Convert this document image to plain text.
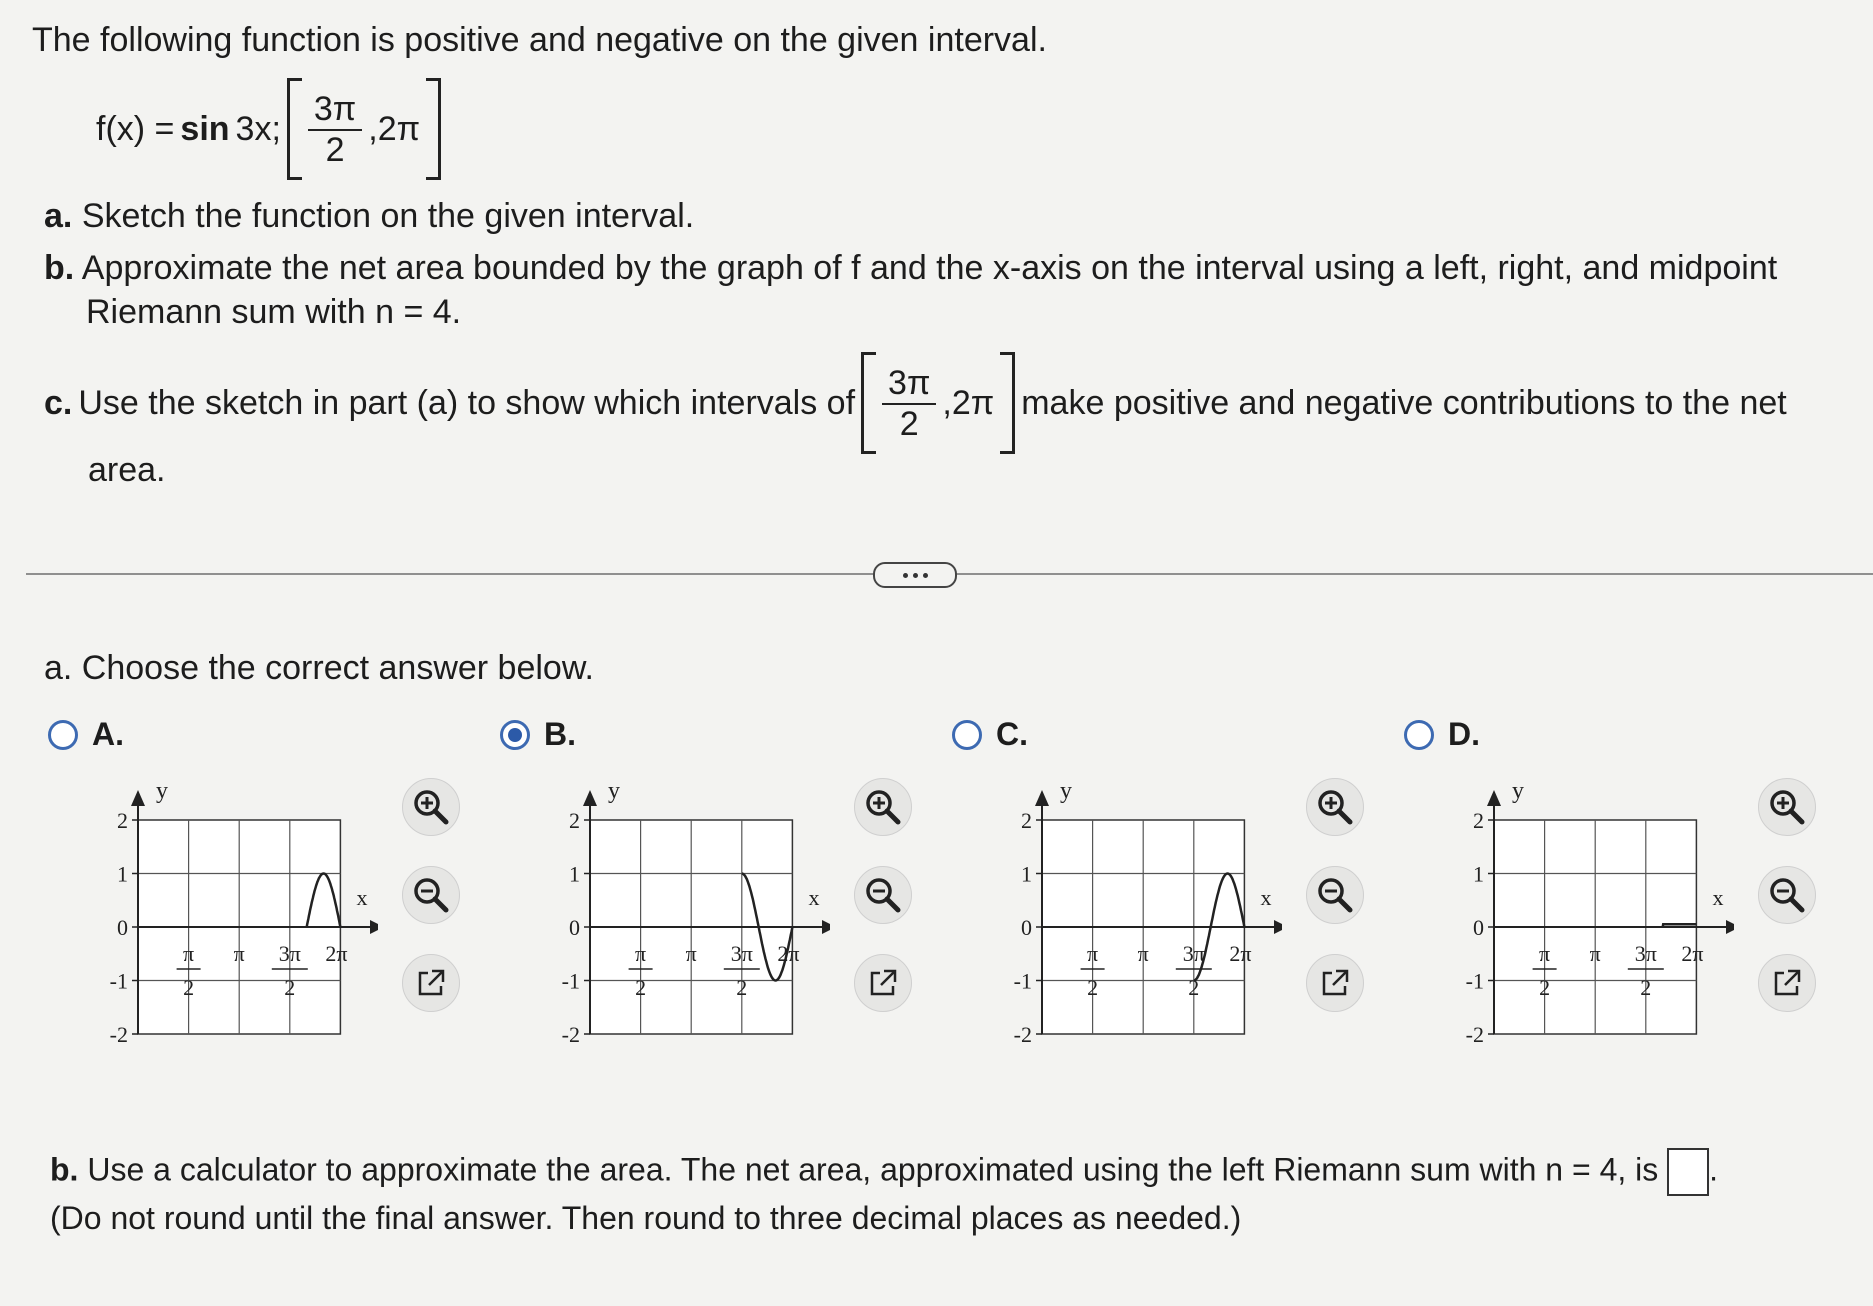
The following function is positive and negative on the given interval.
f(x) = sin 3x; $\frac{3\pi}{2} ,2\pi$
a. Sketch the function on the given interval.
b. Approximate the net area bounded by the graph of f and the x-axis on the interval using a left, right, and midpoint
Riemann sum with n = 4.
c. Use the sketch in part (a) to show which intervals of $\frac{3\pi}{2} ,2\pi$ make positive and negative contributions to the net
area.
a. Choose the correct answer below.
A.
y
x
2
1
0
-1
-2
π
2
π 3π
2
2π
B.
y
x
2
1
0
-1
-2
π
2
π 3π
2
2π
C.
y
x
2
1
0
-1
-2
π
2
π 3π
2
2π
D.
y
x
2
1
0
-1
-2
π
2
π 3π
2
2π
b. Use a calculator to approximate the area. The net area, approximated using the left Riemann sum with n = 4, is .
(Do not round until the final answer. Then round to three decimal places as needed.)
